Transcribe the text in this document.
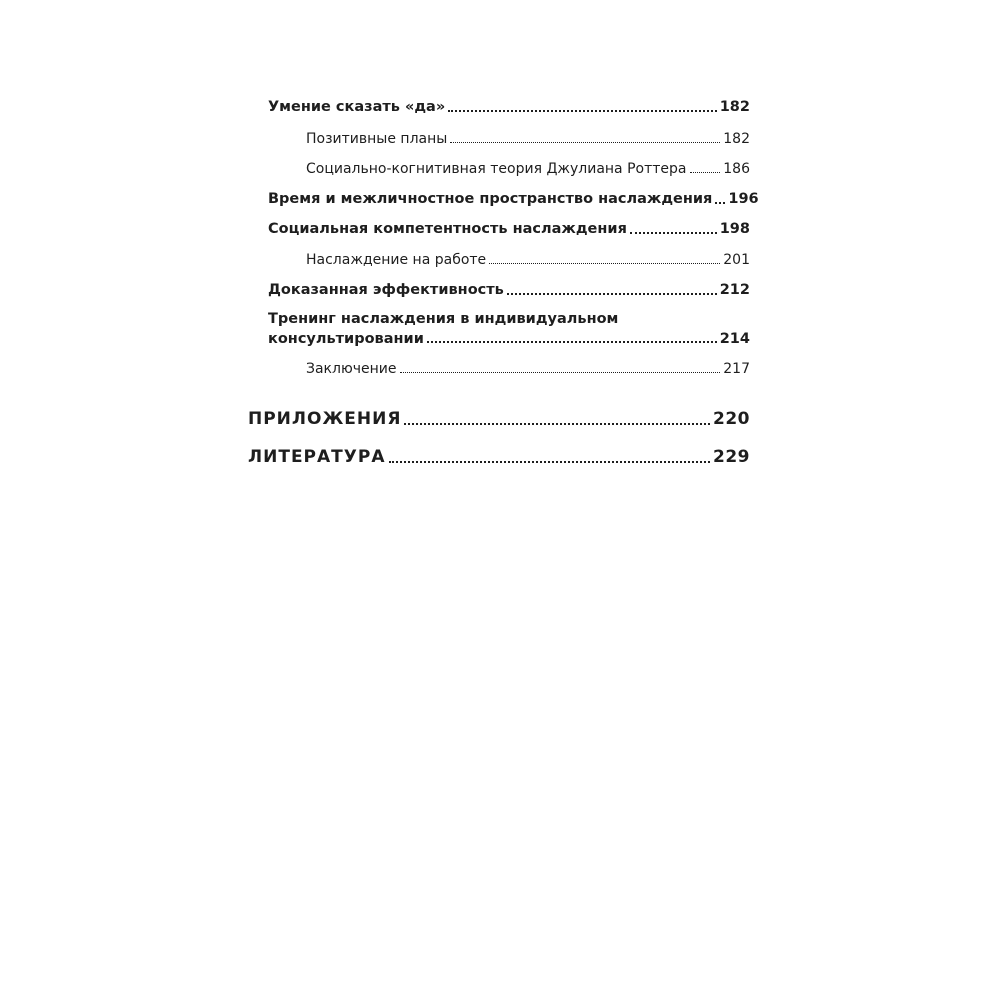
Умение сказать «да»	182
Позитивные планы	182
Социально-когнитивная теория Джулиана Роттера	186
Время и межличностное пространство наслаждения 196
Социальная компетентность наслаждения	198
Наслаждение на работе	201
Доказанная эффективность	212
Тренинг наслаждения в индивидуальном
консультировании	214
Заключение	217
ПРИЛОЖЕНИЯ	220
ЛИТЕРАТУРА	229
